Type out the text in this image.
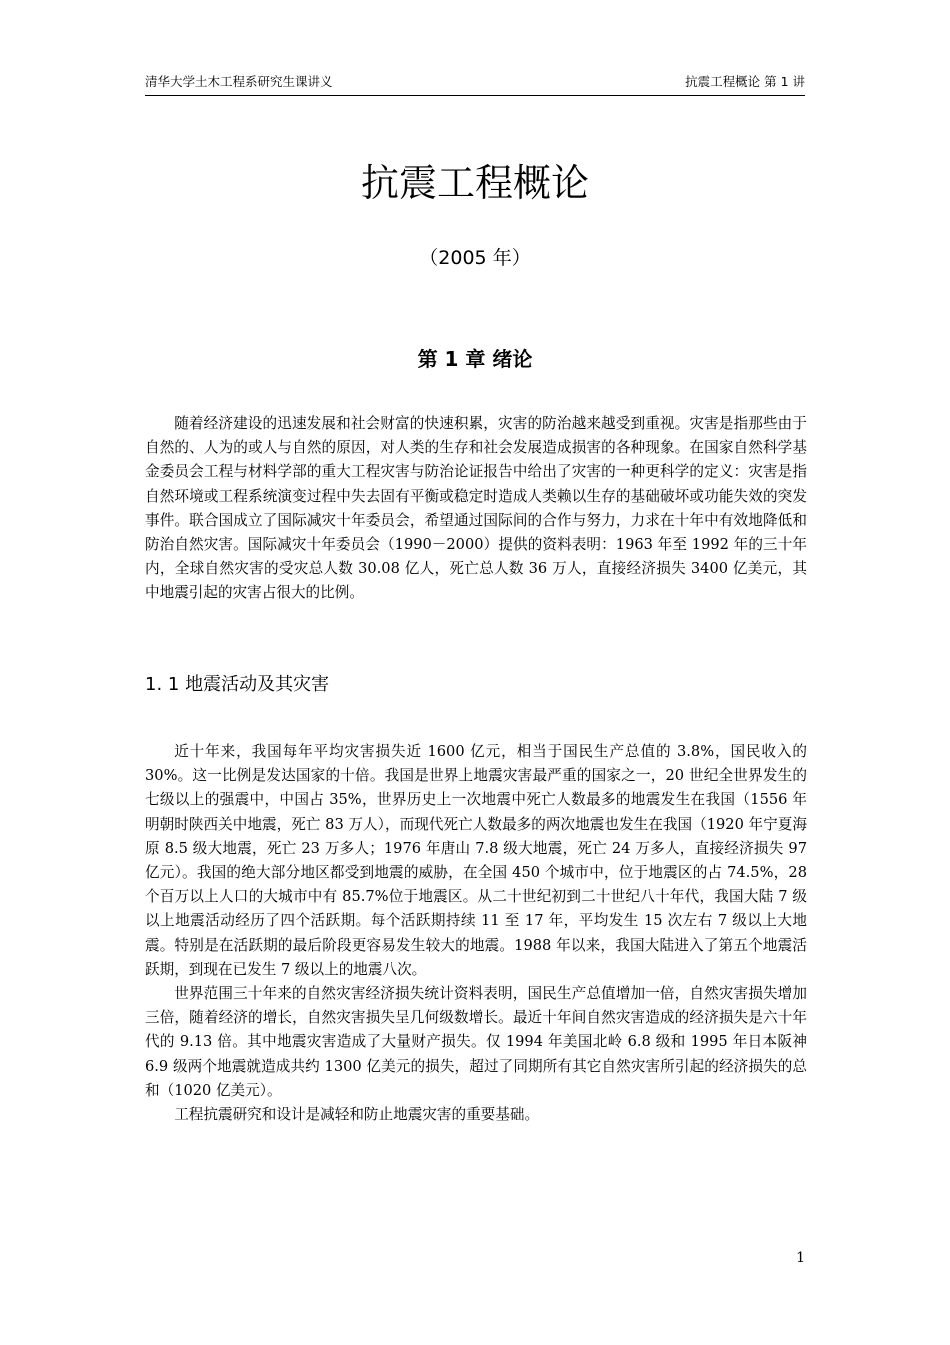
清华大学土木工程系研究生课讲义	抗震工程概论 第 1 讲
抗震工程概论
（2005 年）
第 1 章 绪论

随着经济建设的迅速发展和社会财富的快速积累，灾害的防治越来越受到重视。灾害是指那些由于自然的、人为的或人与自然的原因，对人类的生存和社会发展造成损害的各种现象。在国家自然科学基金委员会工程与材料学部的重大工程灾害与防治论证报告中给出了灾害的一种更科学的定义：灾害是指自然环境或工程系统演变过程中失去固有平衡或稳定时造成人类赖以生存的基础破坏或功能失效的突发事件。联合国成立了国际减灾十年委员会，希望通过国际间的合作与努力，力求在十年中有效地降低和防治自然灾害。国际减灾十年委员会（1990－2000）提供的资料表明：1963 年至 1992 年的三十年内，全球自然灾害的受灾总人数 30.08 亿人，死亡总人数 36 万人，直接经济损失 3400 亿美元，其中地震引起的灾害占很大的比例。

1. 1 地震活动及其灾害

近十年来，我国每年平均灾害损失近 1600 亿元，相当于国民生产总值的 3.8%，国民收入的 30%。这一比例是发达国家的十倍。我国是世界上地震灾害最严重的国家之一，20 世纪全世界发生的七级以上的强震中，中国占 35%，世界历史上一次地震中死亡人数最多的地震发生在我国（1556 年明朝时陕西关中地震，死亡 83 万人），而现代死亡人数最多的两次地震也发生在我国（1920 年宁夏海原 8.5 级大地震，死亡 23 万多人；1976 年唐山 7.8 级大地震，死亡 24 万多人，直接经济损失 97 亿元）。我国的绝大部分地区都受到地震的威胁，在全国 450 个城市中，位于地震区的占 74.5%，28 个百万以上人口的大城市中有 85.7%位于地震区。从二十世纪初到二十世纪八十年代，我国大陆 7 级以上地震活动经历了四个活跃期。每个活跃期持续 11 至 17 年，平均发生 15 次左右 7 级以上大地震。特别是在活跃期的最后阶段更容易发生较大的地震。1988 年以来，我国大陆进入了第五个地震活跃期，到现在已发生 7 级以上的地震八次。

世界范围三十年来的自然灾害经济损失统计资料表明，国民生产总值增加一倍，自然灾害损失增加三倍，随着经济的增长，自然灾害损失呈几何级数增长。最近十年间自然灾害造成的经济损失是六十年代的 9.13 倍。其中地震灾害造成了大量财产损失。仅 1994 年美国北岭 6.8 级和 1995 年日本阪神 6.9 级两个地震就造成共约 1300 亿美元的损失，超过了同期所有其它自然灾害所引起的经济损失的总和（1020 亿美元）。

工程抗震研究和设计是减轻和防止地震灾害的重要基础。

1
